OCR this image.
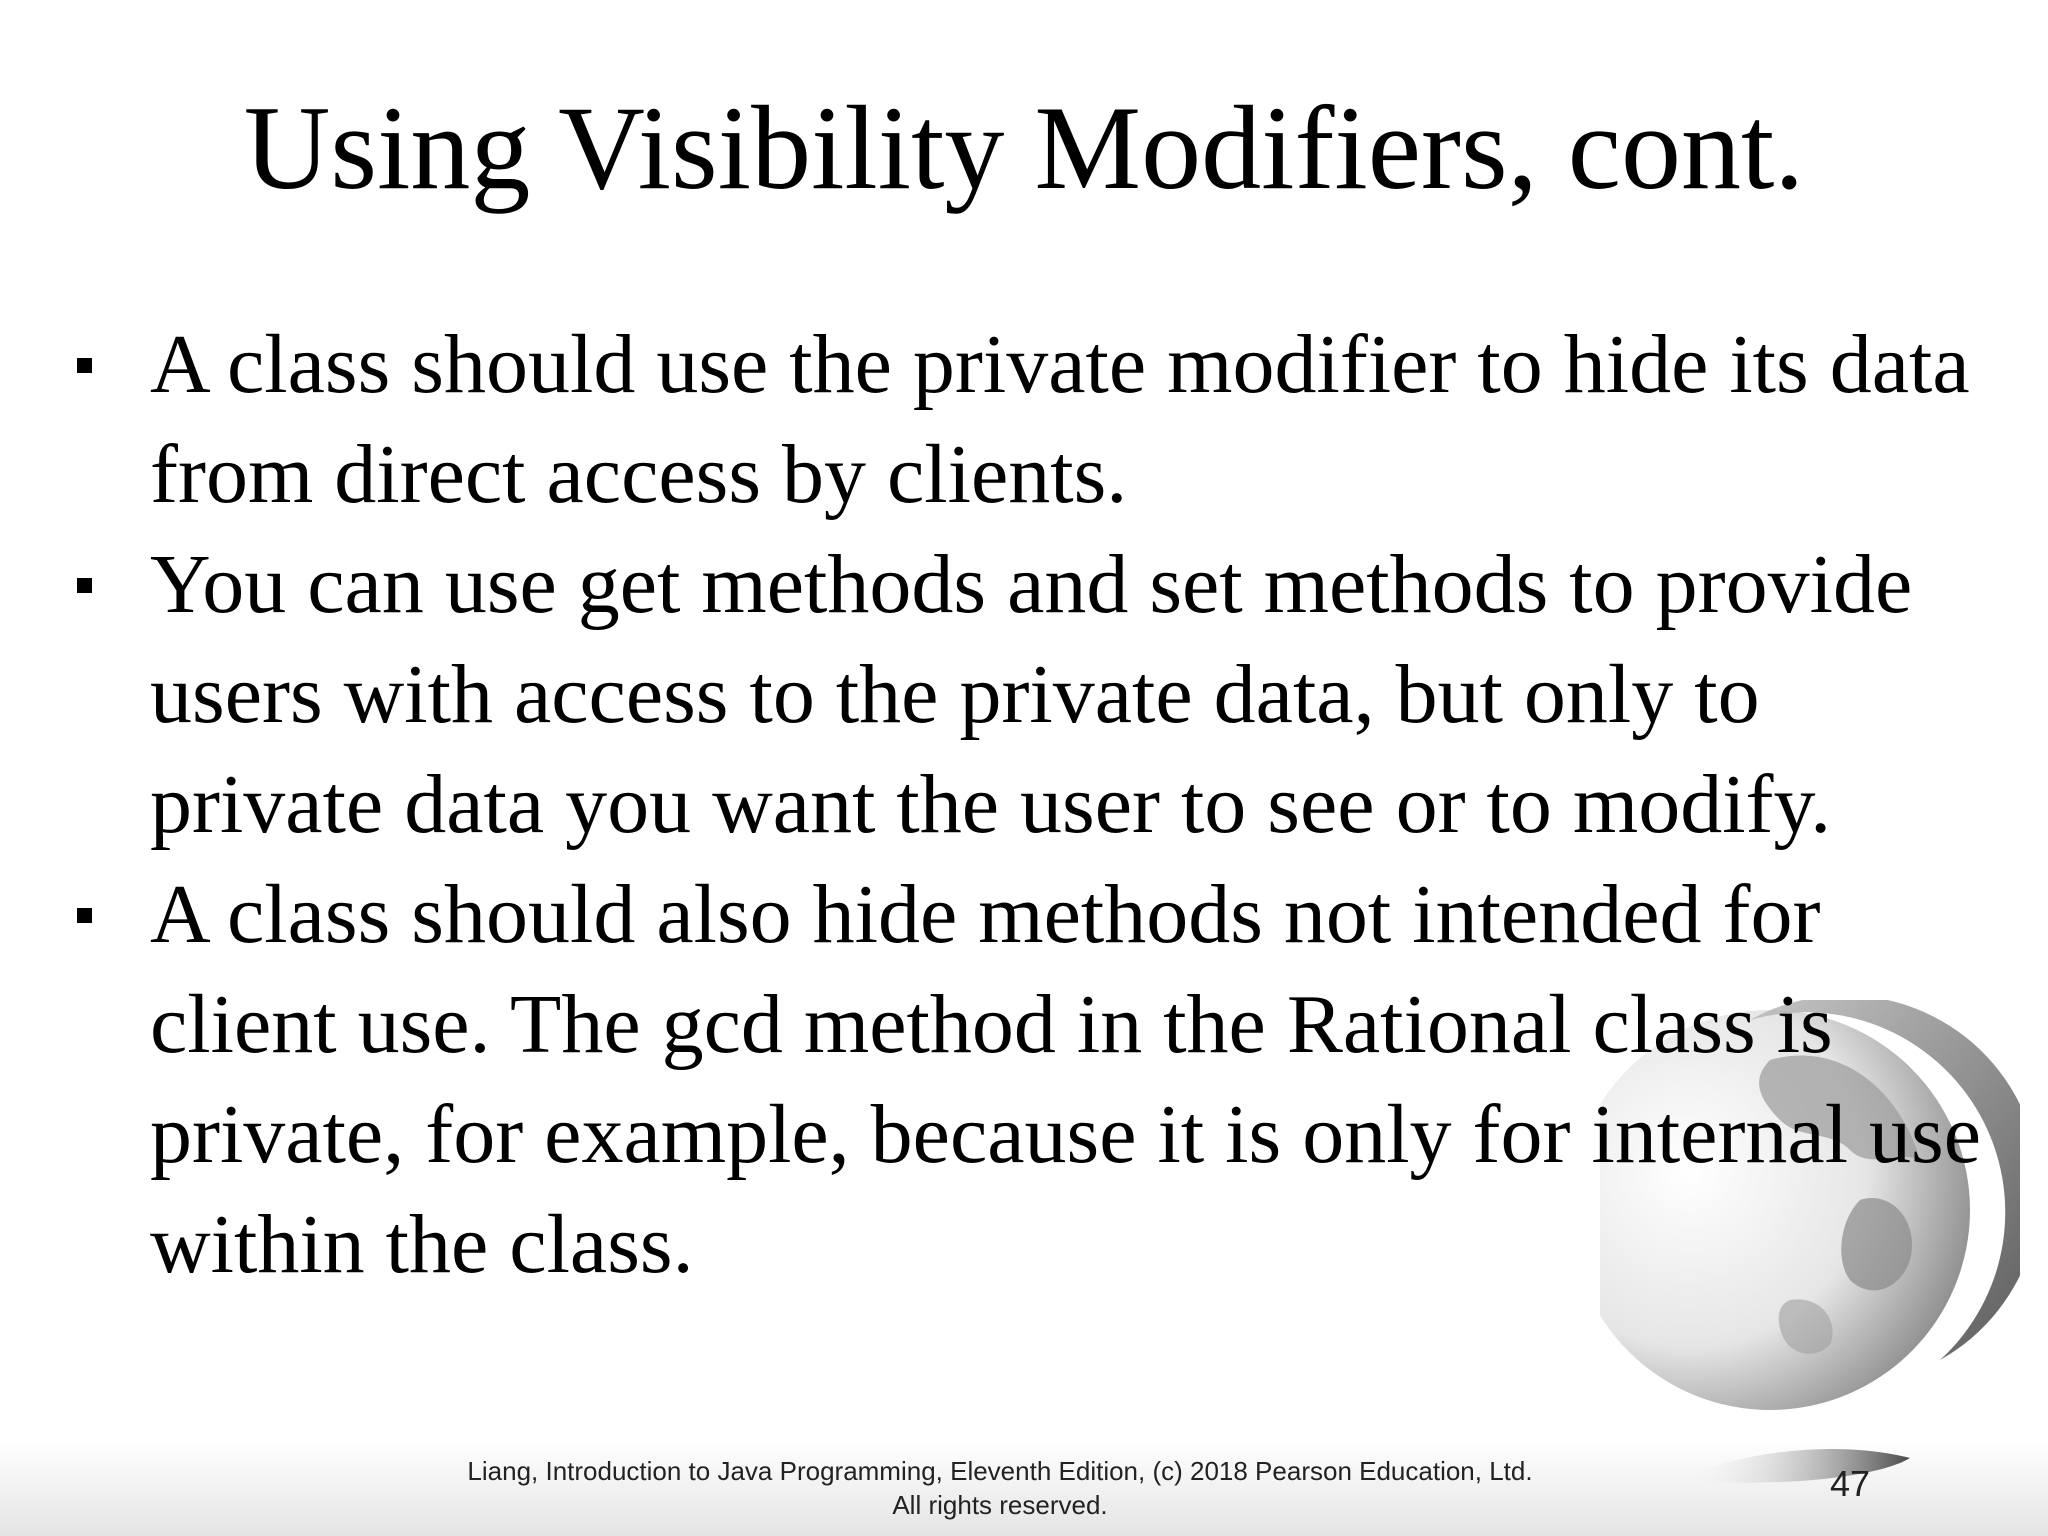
Using Visibility Modifiers, cont.
A class should use the private modifier to hide its data from direct access by clients.
You can use get methods and set methods to provide users with access to the private data, but only to private data you want the user to see or to modify.
A class should also hide methods not intended for client use. The gcd method in the Rational class is private, for example, because it is only for internal use within the class.
Liang, Introduction to Java Programming, Eleventh Edition, (c) 2018 Pearson Education, Ltd.
All rights reserved.
47
